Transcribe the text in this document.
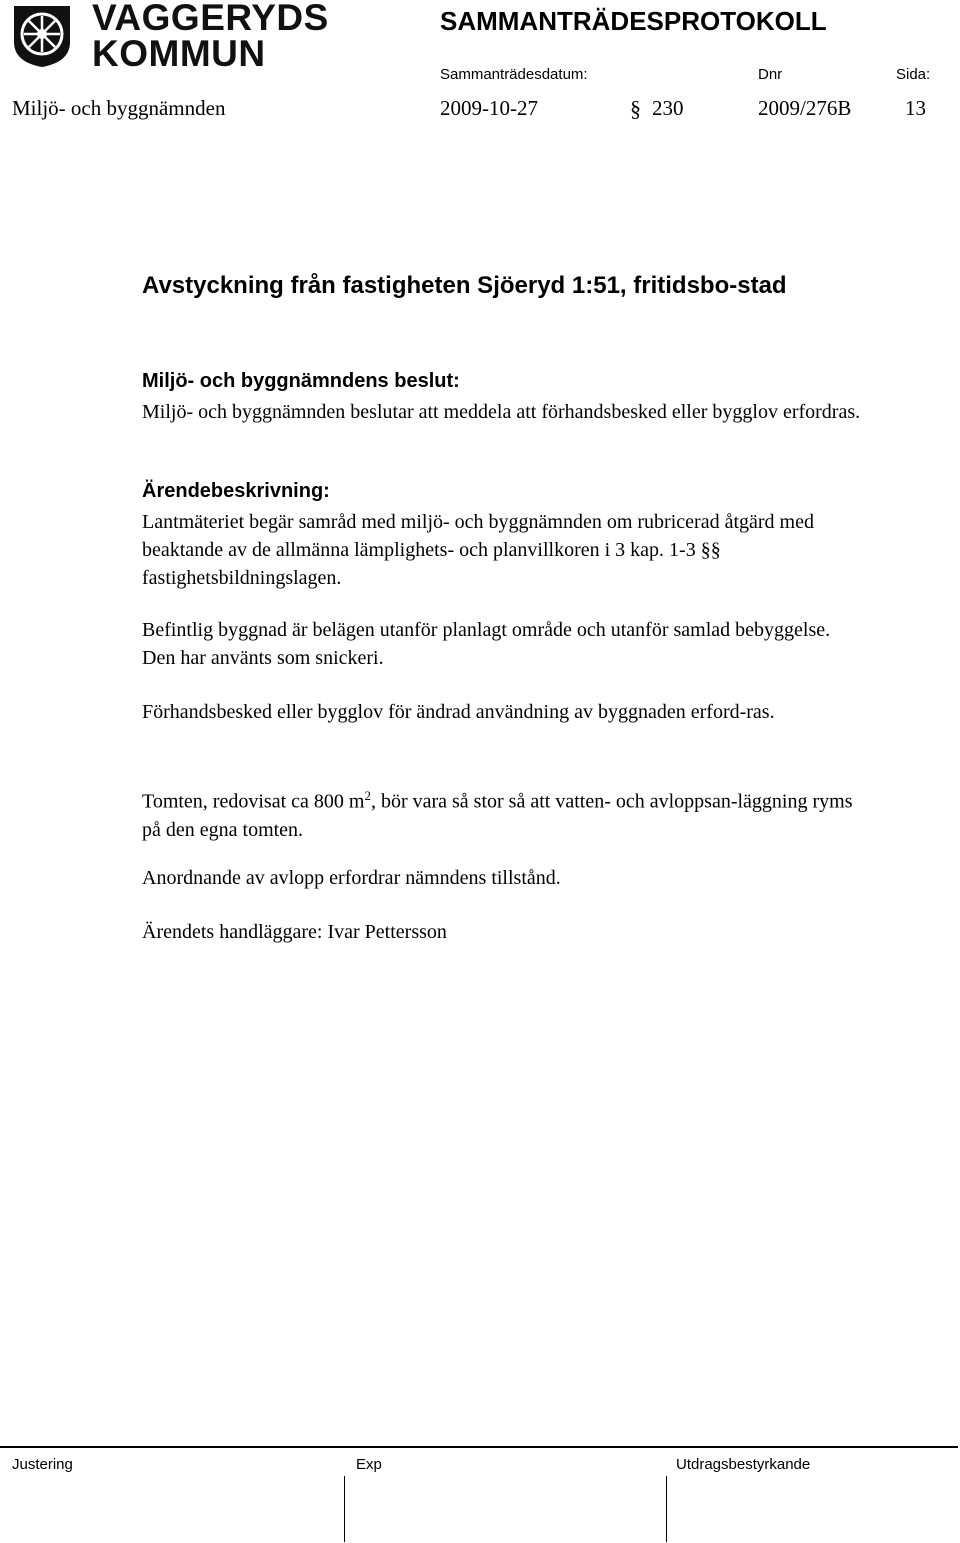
VAGGERYDS
KOMMUN
SAMMANTRÄDESPROTOKOLL
Sammanträdesdatum:	Dnr	Sida:
Miljö- och byggnämnden	2009-10-27	§ 230	2009/276B	13
Avstyckning från fastigheten Sjöeryd 1:51, fritidsbo-stad
Miljö- och byggnämndens beslut:
Miljö- och byggnämnden beslutar att meddela att förhandsbesked eller bygglov erfordras.
Ärendebeskrivning:
Lantmäteriet begär samråd med miljö- och byggnämnden om rubricerad åtgärd med beaktande av de allmänna lämplighets- och planvillkoren i 3 kap. 1-3 §§ fastighetsbildningslagen.
Befintlig byggnad är belägen utanför planlagt område och utanför samlad bebyggelse. Den har använts som snickeri.
Förhandsbesked eller bygglov för ändrad användning av byggnaden erford-ras.
Tomten, redovisat ca 800 $m^2$, bör vara så stor så att vatten- och avloppsan-läggning ryms på den egna tomten.
Anordnande av avlopp erfordrar nämndens tillstånd.
Ärendets handläggare: Ivar Pettersson
Justering	Exp	Utdragsbestyrkande
